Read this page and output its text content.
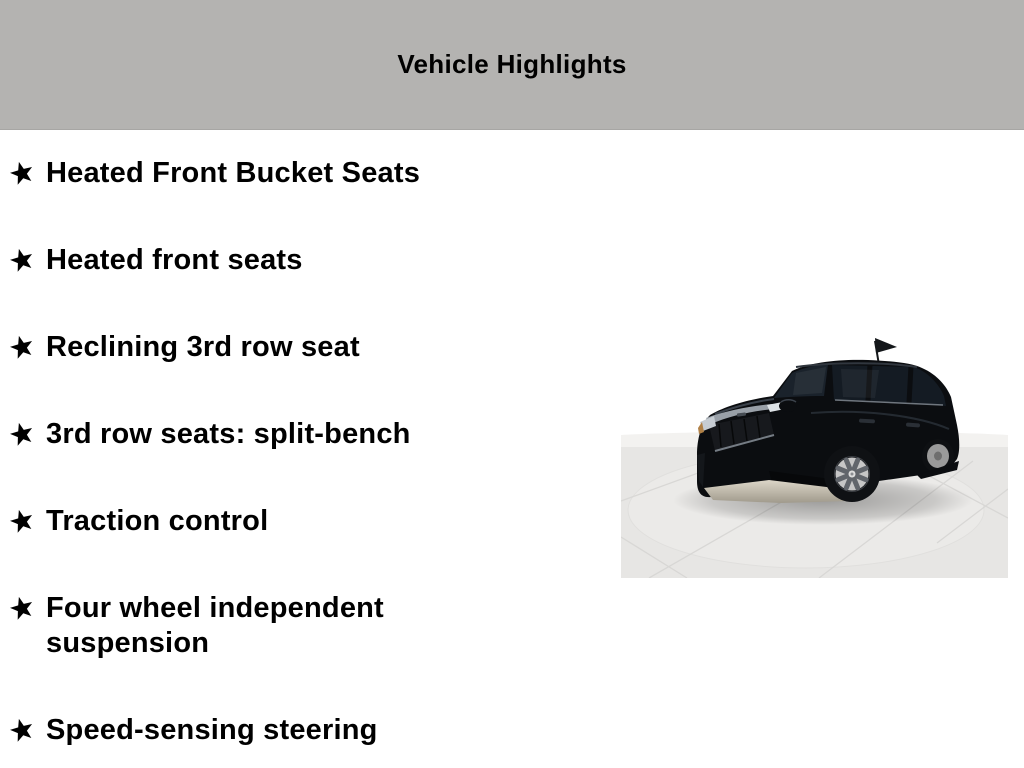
Vehicle Highlights
Heated Front Bucket Seats
Heated front seats
Reclining 3rd row seat
3rd row seats: split-bench
Traction control
Four wheel independent suspension
Speed-sensing steering
